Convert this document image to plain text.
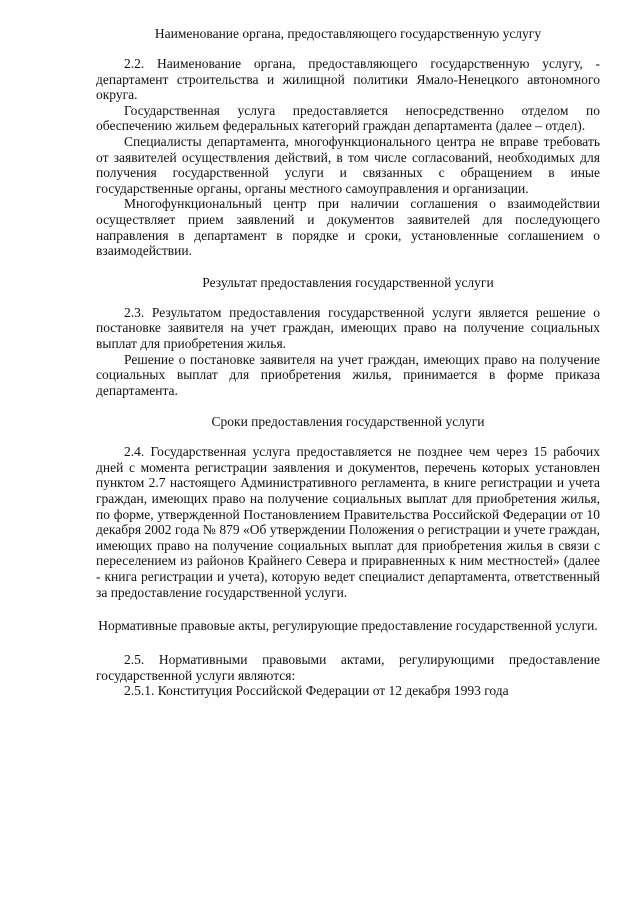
Наименование органа, предоставляющего государственную услугу

2.2. Наименование органа, предоставляющего государственную услугу, - департамент строительства и жилищной политики Ямало-Ненецкого автономного округа.

Государственная услуга предоставляется непосредственно отделом по обеспечению жильем федеральных категорий граждан департамента (далее – отдел).

Специалисты департамента, многофункционального центра не вправе требовать от заявителей осуществления действий, в том числе согласований, необходимых для получения государственной услуги и связанных с обращением в иные государственные органы, органы местного самоуправления и организации.

Многофункциональный центр при наличии соглашения о взаимодействии осуществляет прием заявлений и документов заявителей для последующего направления в департамент в порядке и сроки, установленные соглашением о взаимодействии.

Результат предоставления государственной услуги

2.3. Результатом предоставления государственной услуги является решение о постановке заявителя на учет граждан, имеющих право на получение социальных выплат для приобретения жилья.

Решение о постановке заявителя на учет граждан, имеющих право на получение социальных выплат для приобретения жилья, принимается в форме приказа департамента.

Сроки предоставления государственной услуги

2.4. Государственная услуга предоставляется не позднее чем через 15 рабочих дней с момента регистрации заявления и документов, перечень которых установлен пунктом 2.7 настоящего Административного регламента, в книге регистрации и учета граждан, имеющих право на получение социальных выплат для приобретения жилья, по форме, утвержденной Постановлением Правительства Российской Федерации от 10 декабря 2002 года № 879 «Об утверждении Положения о регистрации и учете граждан, имеющих право на получение социальных выплат для приобретения жилья в связи с переселением из районов Крайнего Севера и приравненных к ним местностей» (далее - книга регистрации и учета), которую ведет специалист департамента, ответственный за предоставление государственной услуги.

Нормативные правовые акты, регулирующие предоставление государственной услуги.

2.5. Нормативными правовыми актами, регулирующими предоставление государственной услуги являются:

2.5.1. Конституция Российской Федерации от 12 декабря 1993 года
